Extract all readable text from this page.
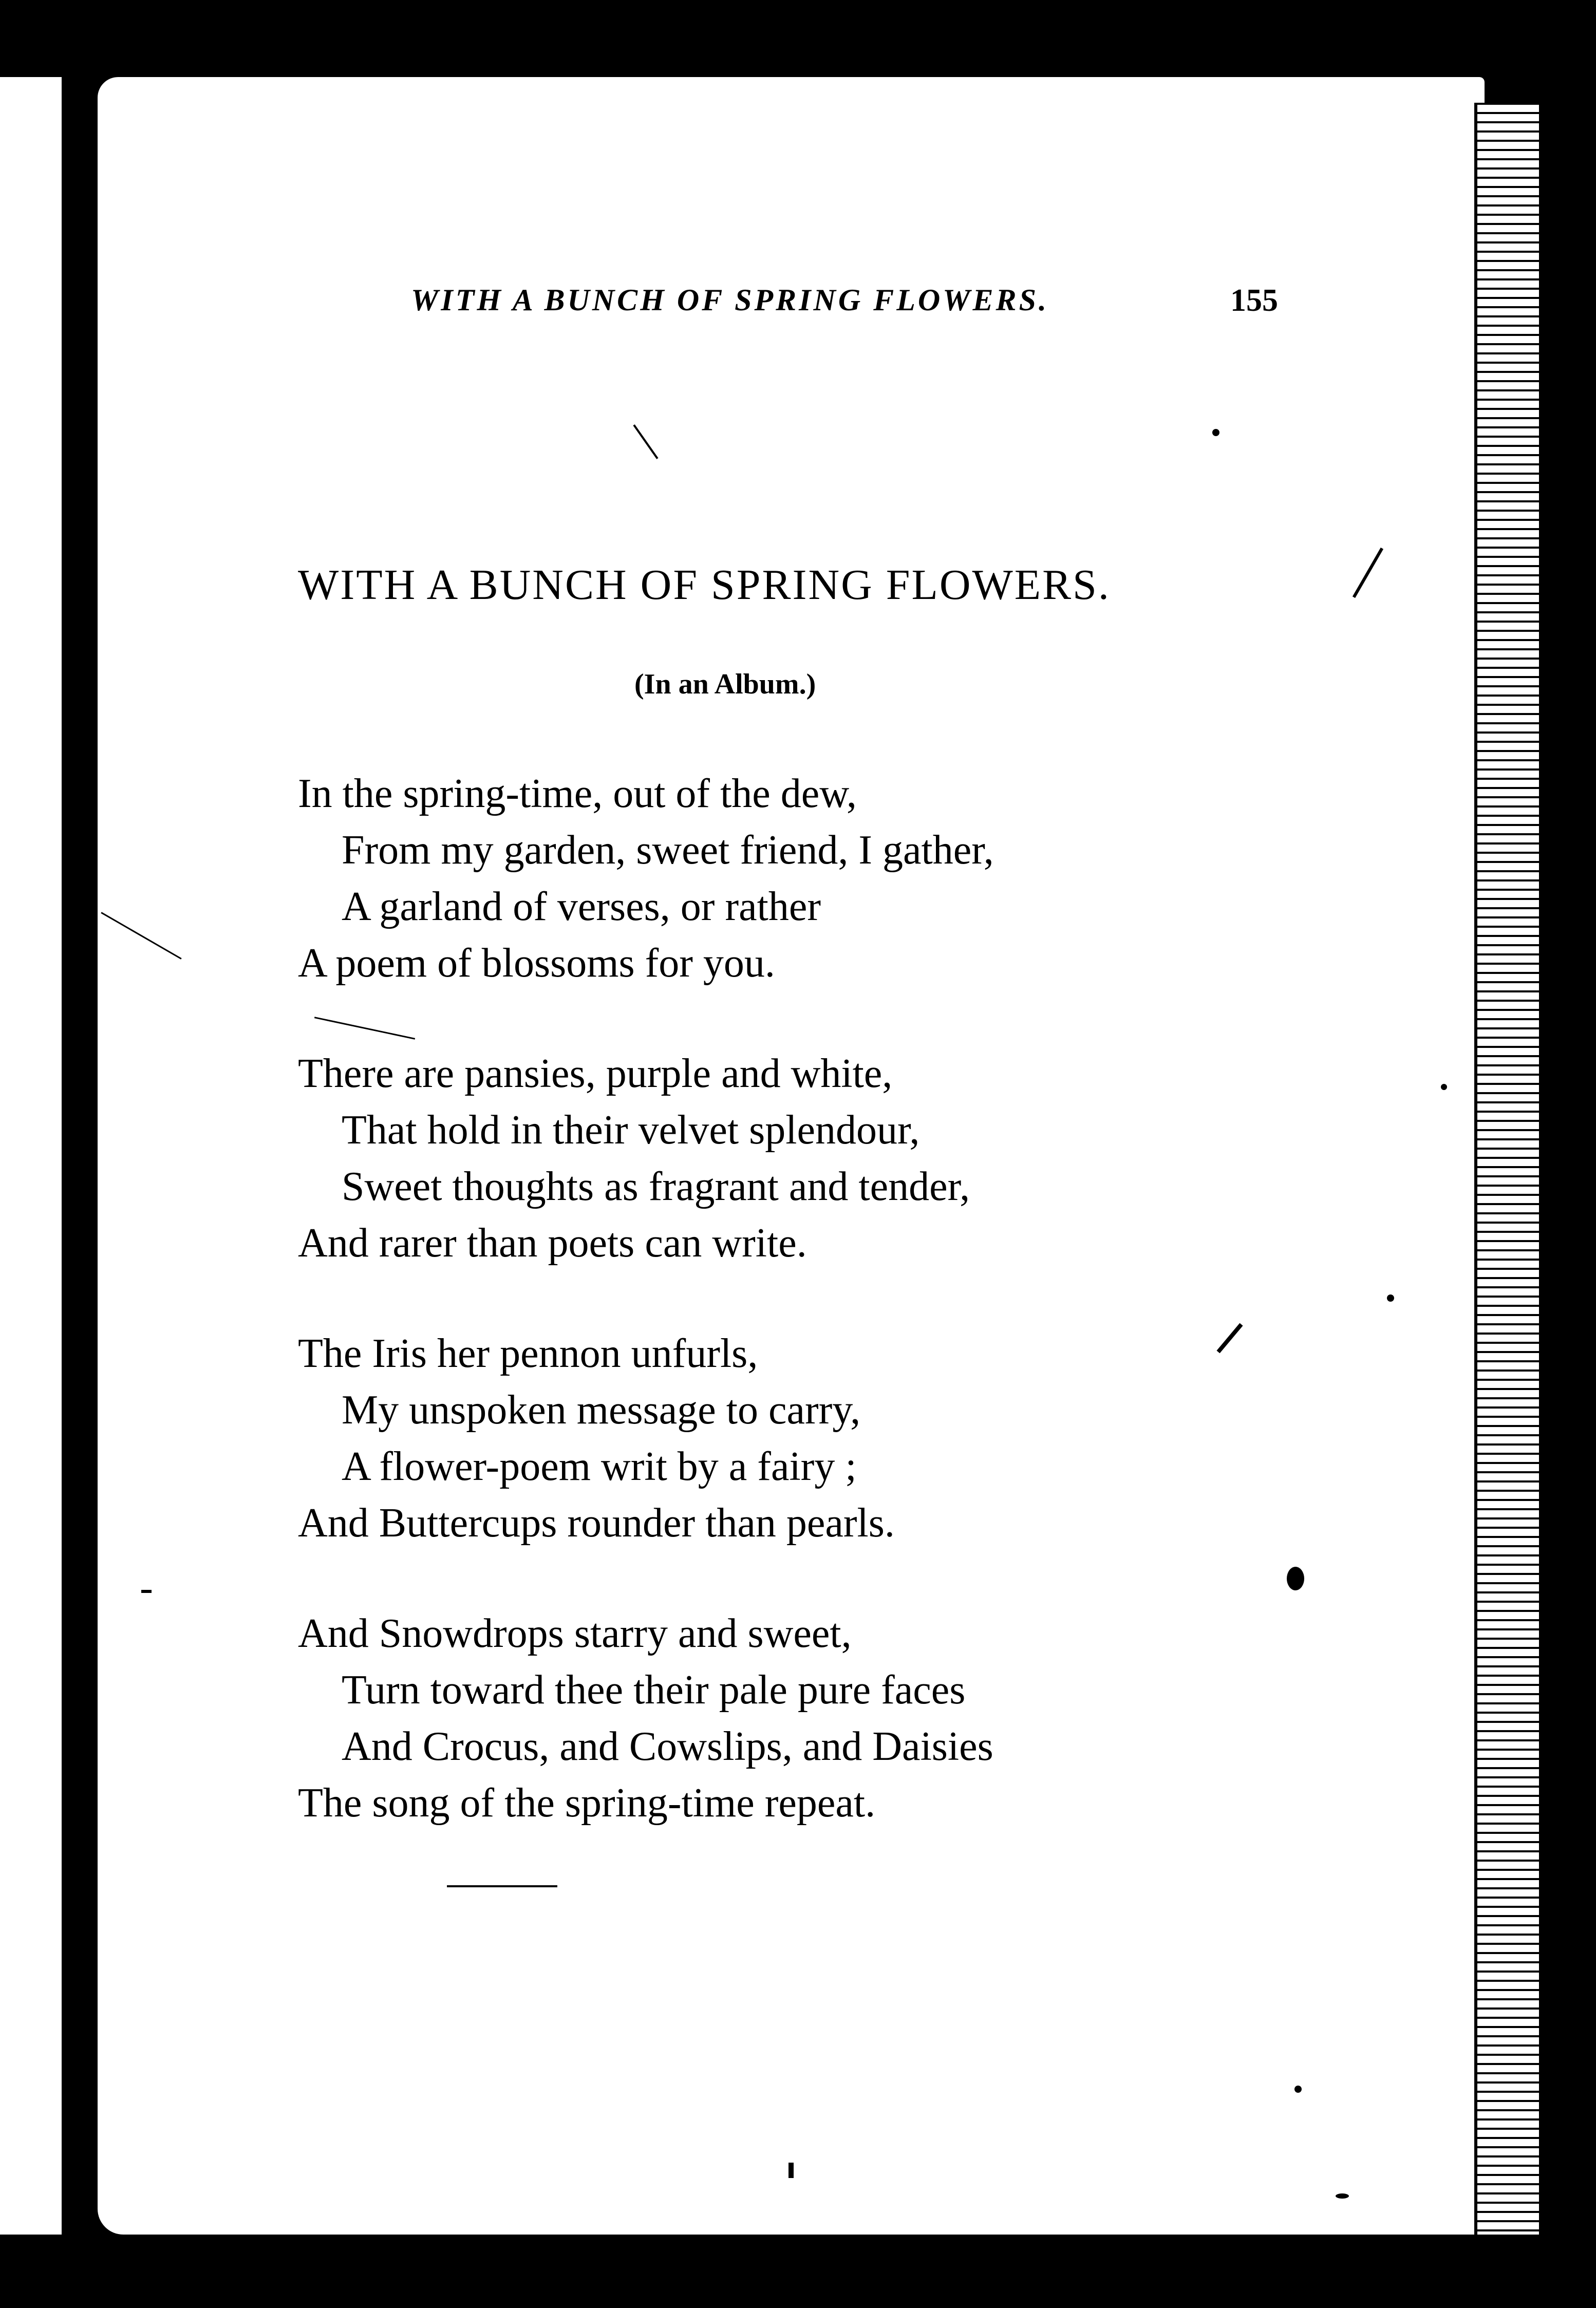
WITH A BUNCH OF SPRING FLOWERS.	155
WITH A BUNCH OF SPRING FLOWERS.
(In an Album.)
In the spring-time, out of the dew,
From my garden, sweet friend, I gather,
A garland of verses, or rather
A poem of blossoms for you.
There are pansies, purple and white,
That hold in their velvet splendour,
Sweet thoughts as fragrant and tender,
And rarer than poets can write.
The Iris her pennon unfurls,
My unspoken message to carry,
A flower-poem writ by a fairy ;
And Buttercups rounder than pearls.
And Snowdrops starry and sweet,
Turn toward thee their pale pure faces
And Crocus, and Cowslips, and Daisies
The song of the spring-time repeat.
